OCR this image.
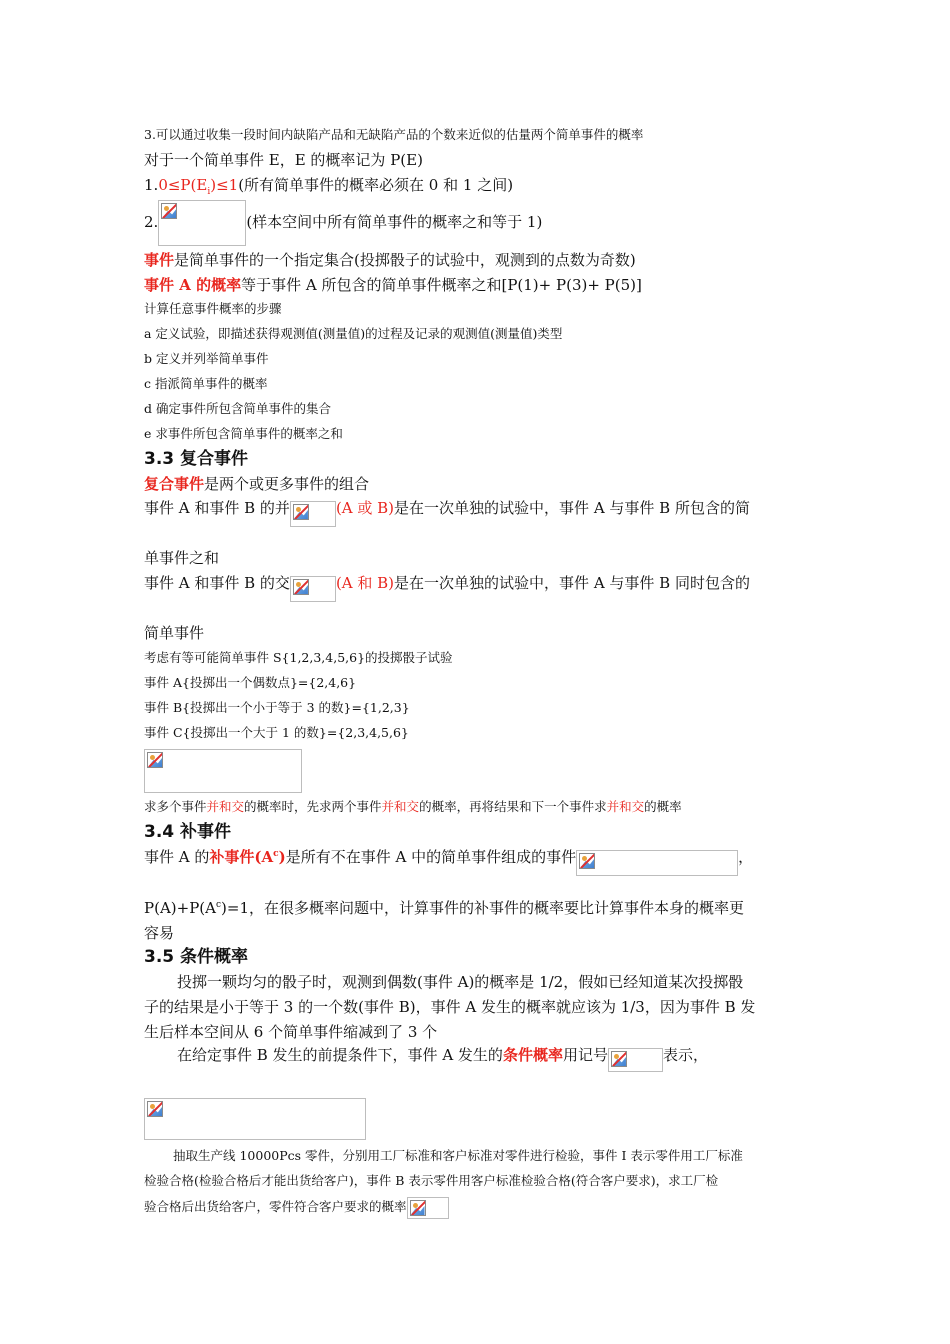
3.可以通过收集一段时间内缺陷产品和无缺陷产品的个数来近似的估量两个简单事件的概率
对于一个简单事件 E，E 的概率记为 P(E)
$1.0\le P(E_i)\le 1$(所有简单事件的概率必须在 0 和 1 之间)
2.	(样本空间中所有简单事件的概率之和等于 1)
事件是简单事件的一个指定集合(投掷骰子的试验中，观测到的点数为奇数)
事件 A 的概率等于事件 A 所包含的简单事件概率之和[P(1)+ P(3)+ P(5)]
计算任意事件概率的步骤
a 定义试验，即描述获得观测值(测量值)的过程及记录的观测值(测量值)类型
b 定义并列举简单事件
c 指派简单事件的概率
d 确定事件所包含简单事件的集合
e 求事件所包含简单事件的概率之和
3.3 复合事件
复合事件是两个或更多事件的组合
事件 A 和事件 B 的并	(A 或 B)是在一次单独的试验中，事件 A 与事件 B 所包含的简
单事件之和
事件 A 和事件 B 的交	(A 和 B)是在一次单独的试验中，事件 A 与事件 B 同时包含的
简单事件
考虑有等可能简单事件 S{1,2,3,4,5,6}的投掷骰子试验
事件 A{投掷出一个偶数点}={2,4,6}
事件 B{投掷出一个小于等于 3 的数}={1,2,3}
事件 C{投掷出一个大于 1 的数}={2,3,4,5,6}
求多个事件并和交的概率时，先求两个事件并和交的概率，再将结果和下一个事件求并和交的概率
3.4 补事件
事件 A 的补事件$(A^c)$是所有不在事件 A 中的简单事件组成的事件	，
$P(A)+P(A^c)=1$，在很多概率问题中，计算事件的补事件的概率要比计算事件本身的概率更
容易
3.5 条件概率
投掷一颗均匀的骰子时，观测到偶数(事件 A)的概率是 1/2，假如已经知道某次投掷骰
子的结果是小于等于 3 的一个数(事件 B)，事件 A 发生的概率就应该为 1/3，因为事件 B 发
生后样本空间从 6 个简单事件缩减到了 3 个
在给定事件 B 发生的前提条件下，事件 A 发生的条件概率用记号	表示，
抽取生产线 10000Pcs 零件，分别用工厂标准和客户标准对零件进行检验，事件 I 表示零件用工厂标准
检验合格(检验合格后才能出货给客户)，事件 B 表示零件用客户标准检验合格(符合客户要求)，求工厂检
验合格后出货给客户，零件符合客户要求的概率
